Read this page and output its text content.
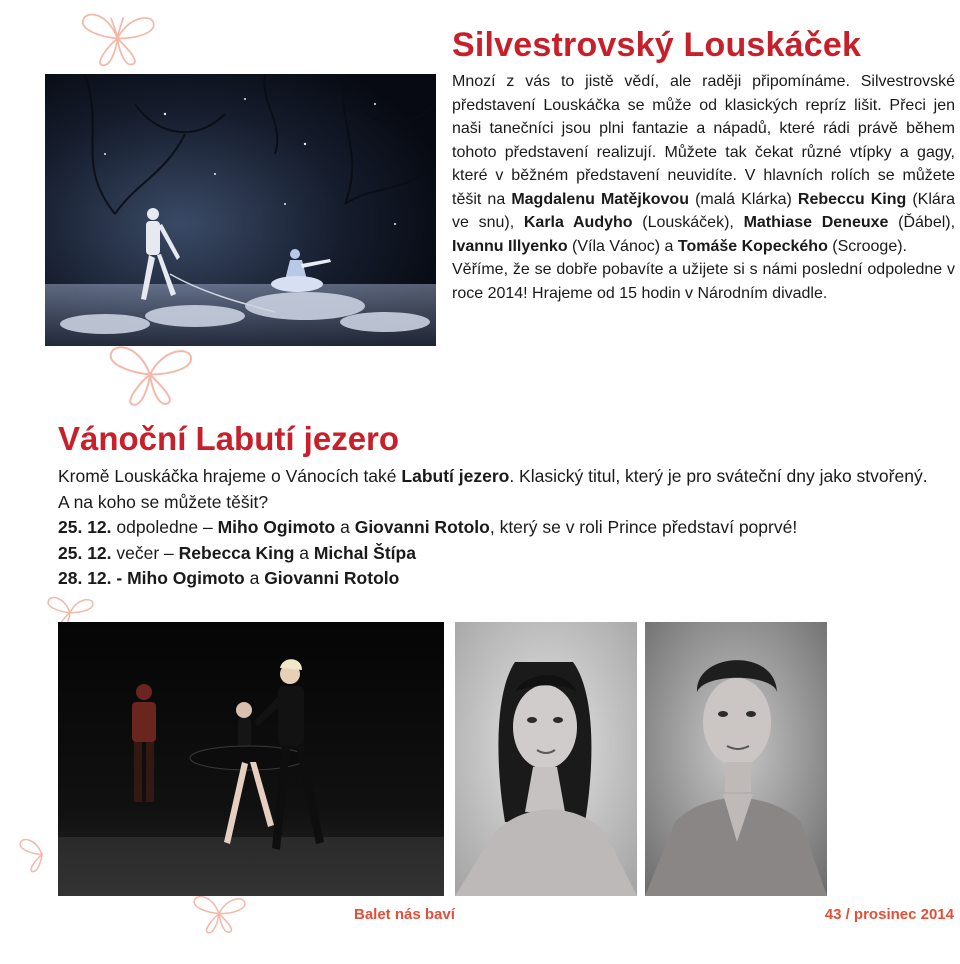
Silvestrovský Louskáček

Mnozí z vás to jistě vědí, ale raději připomínáme. Silvestrovské představení Louskáčka se může od klasických repríz lišit. Přeci jen naši tanečníci jsou plni fantazie a nápadů, které rádi právě během tohoto představení realizují. Můžete tak čekat různé vtípky a gagy, které v běžném představení neuvidíte. V hlavních rolích se můžete těšit na Magdalenu Matějkovou (malá Klárka) Rebeccu King (Klára ve snu), Karla Audyho (Louskáček), Mathiase Deneuxe (Ďábel), Ivannu Illyenko (Víla Vánoc) a Tomáše Kopeckého (Scrooge).

Věříme, že se dobře pobavíte a užijete si s námi poslední odpoledne v roce 2014! Hrajeme od 15 hodin v Národním divadle.

Vánoční Labutí jezero

Kromě Louskáčka hrajeme o Vánocích také Labutí jezero. Klasický titul, který je pro sváteční dny jako stvořený. A na koho se můžete těšit?

25. 12. odpoledne – Miho Ogimoto a Giovanni Rotolo, který se v roli Prince představí poprvé!

25. 12. večer – Rebecca King a Michal Štípa

28. 12. - Miho Ogimoto a Giovanni Rotolo

Balet nás baví	43 / prosinec 2014
